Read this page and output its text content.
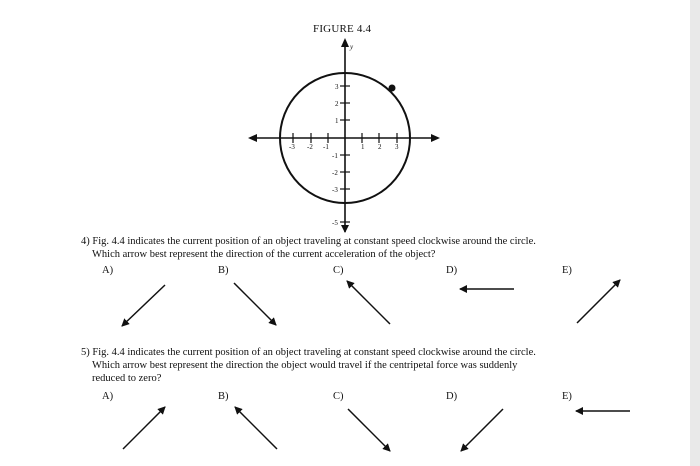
FIGURE 4.4
y
-3 -2 -1	1 2 3
3
2
1
-1
-2
-3
-5
4) Fig. 4.4 indicates the current position of an object traveling at constant speed clockwise around the circle.
Which arrow best represent the direction of the current acceleration of the object?
A)	B)	C)	D)	E)
5) Fig. 4.4 indicates the current position of an object traveling at constant speed clockwise around the circle.
Which arrow best represent the direction the object would travel if the centripetal force was suddenly
reduced to zero?
A)	B)	C)	D)	E)
